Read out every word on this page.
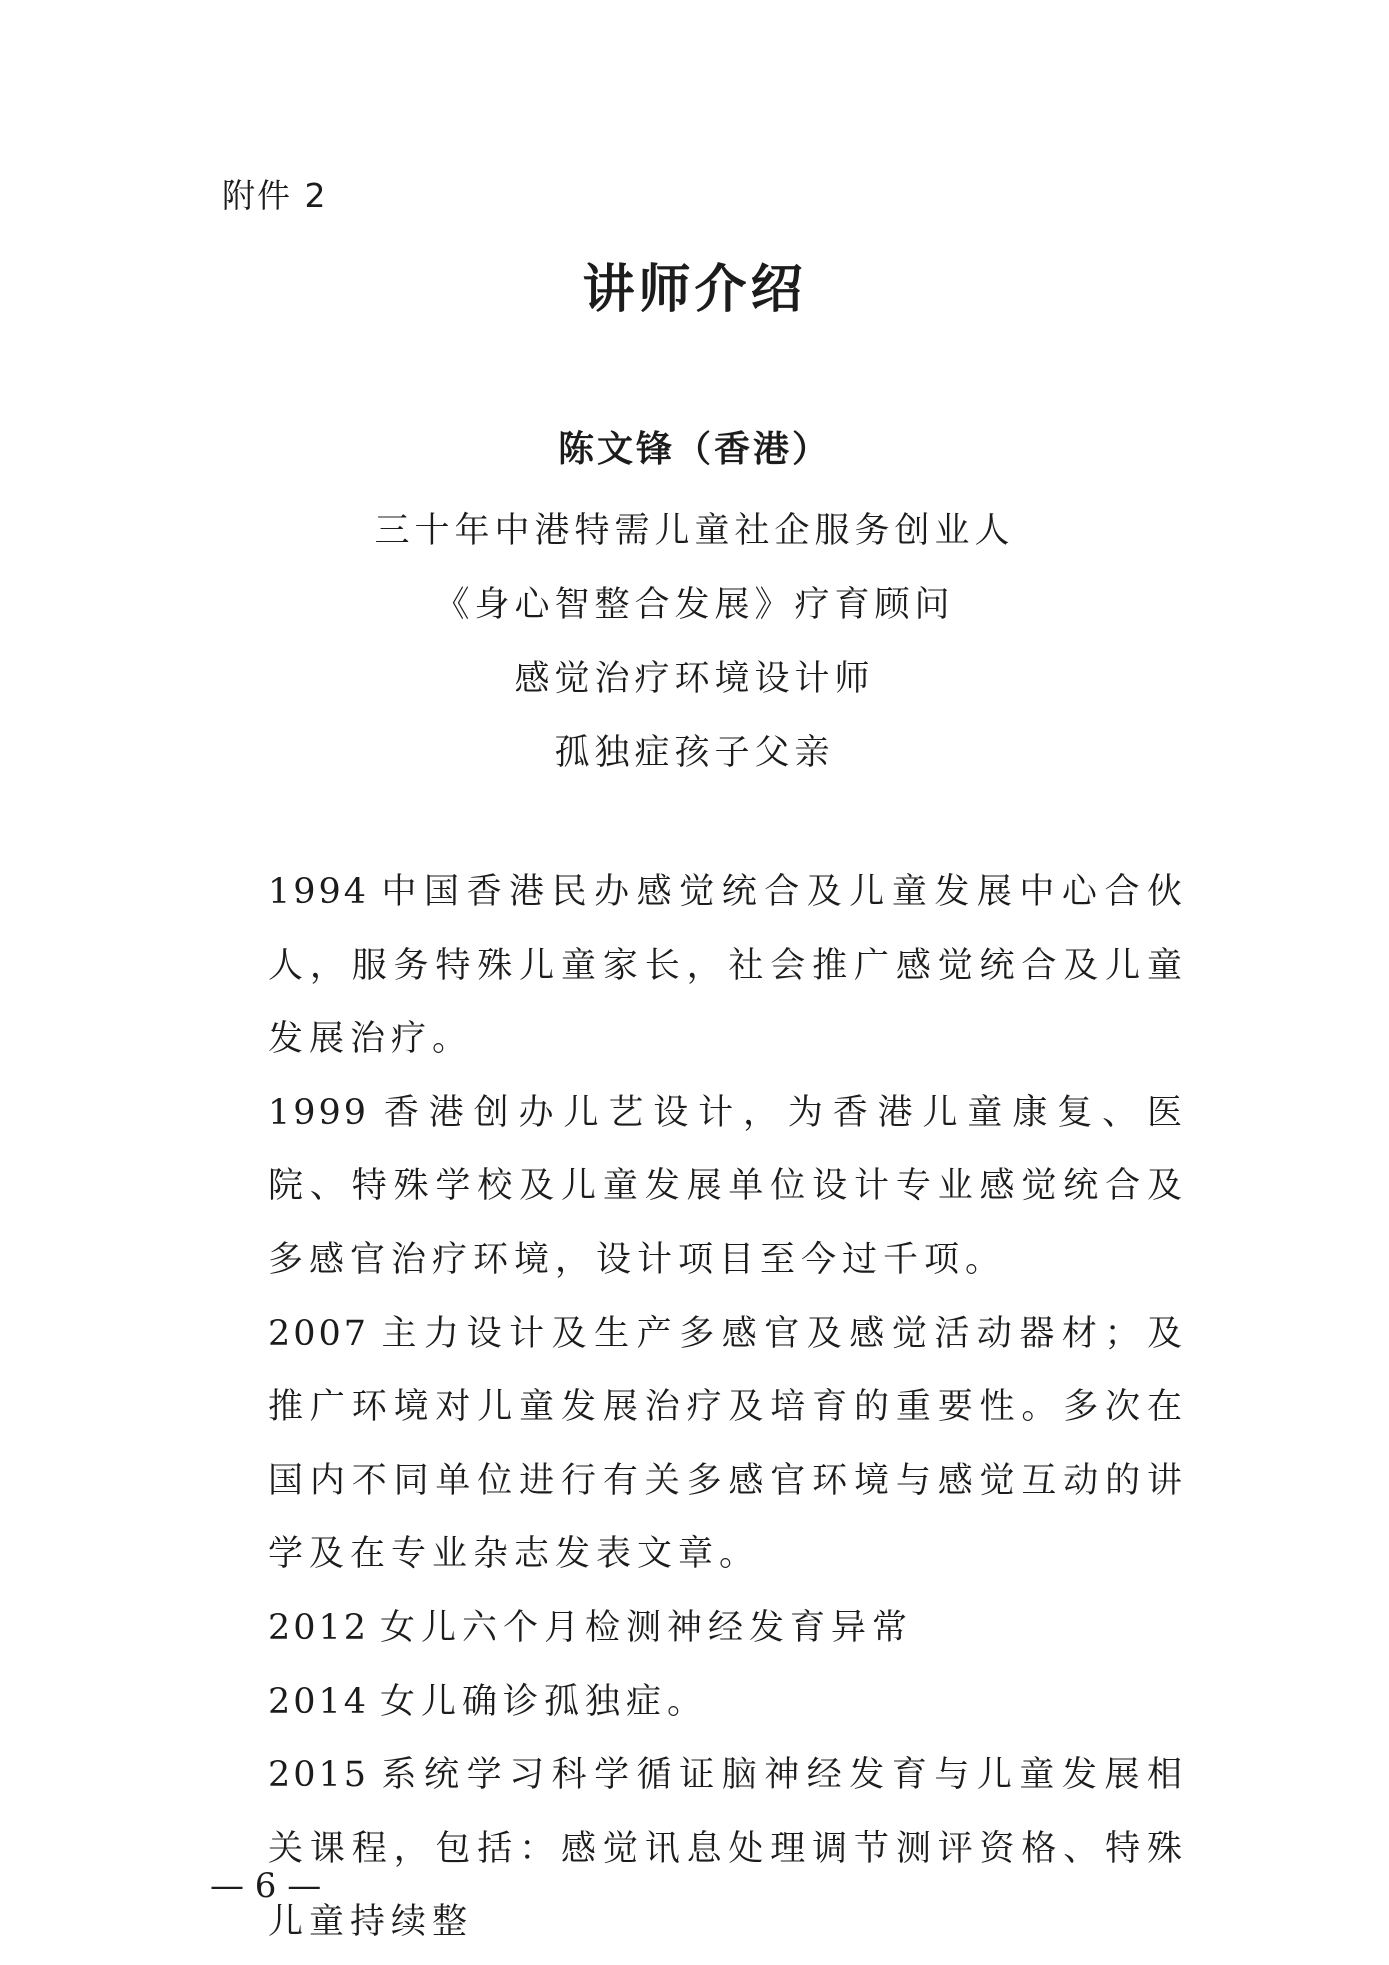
附件 2
讲师介绍
陈文锋（香港）
三十年中港特需儿童社企服务创业人
《身心智整合发展》疗育顾问
感觉治疗环境设计师
孤独症孩子父亲

1994 中国香港民办感觉统合及儿童发展中心合伙人，服务特殊儿童家长，社会推广感觉统合及儿童发展治疗。

1999 香港创办儿艺设计，为香港儿童康复、医院、特殊学校及儿童发展单位设计专业感觉统合及多感官治疗环境，设计项目至今过千项。

2007 主力设计及生产多感官及感觉活动器材；及推广环境对儿童发展治疗及培育的重要性。多次在国内不同单位进行有关多感官环境与感觉互动的讲学及在专业杂志发表文章。

2012 女儿六个月检测神经发育异常

2014 女儿确诊孤独症。

2015 系统学习科学循证脑神经发育与儿童发展相关课程，包括：感觉讯息处理调节测评资格、特殊儿童持续整

— 6 —
